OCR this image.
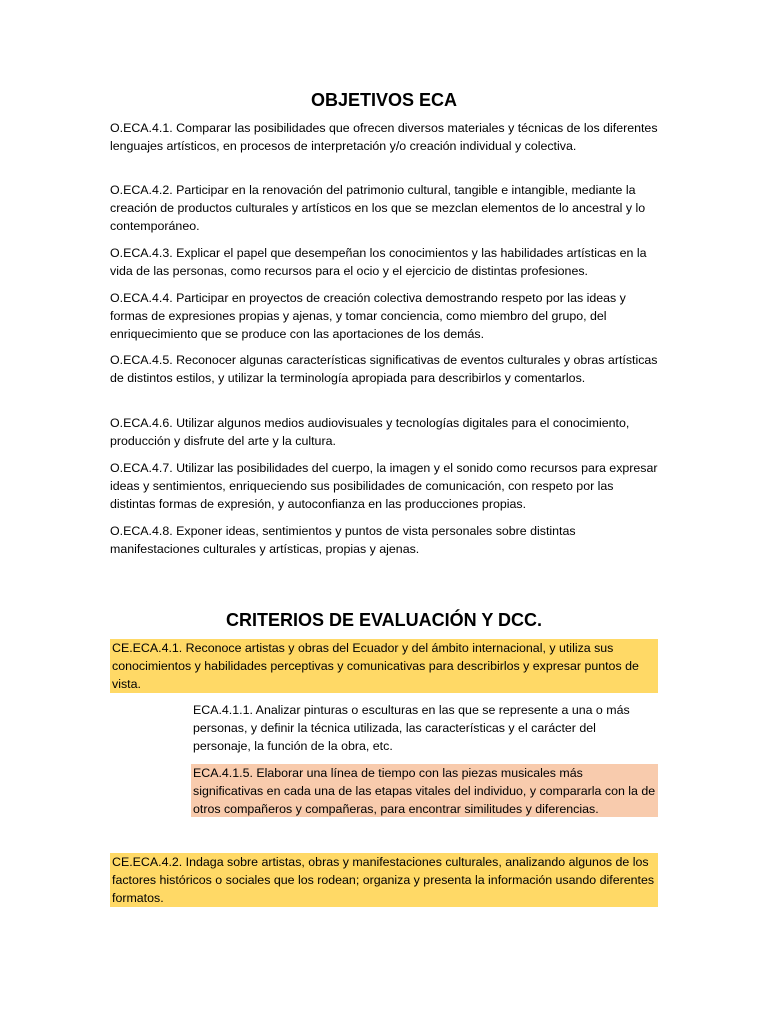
OBJETIVOS ECA

O.ECA.4.1. Comparar las posibilidades que ofrecen diversos materiales y técnicas de los diferentes lenguajes artísticos, en procesos de interpretación y/o creación individual y colectiva.

O.ECA.4.2. Participar en la renovación del patrimonio cultural, tangible e intangible, mediante la creación de productos culturales y artísticos en los que se mezclan elementos de lo ancestral y lo contemporáneo.

O.ECA.4.3. Explicar el papel que desempeñan los conocimientos y las habilidades artísticas en la vida de las personas, como recursos para el ocio y el ejercicio de distintas profesiones.

O.ECA.4.4. Participar en proyectos de creación colectiva demostrando respeto por las ideas y formas de expresiones propias y ajenas, y tomar conciencia, como miembro del grupo, del enriquecimiento que se produce con las aportaciones de los demás.

O.ECA.4.5. Reconocer algunas características significativas de eventos culturales y obras artísticas de distintos estilos, y utilizar la terminología apropiada para describirlos y comentarlos.

O.ECA.4.6. Utilizar algunos medios audiovisuales y tecnologías digitales para el conocimiento, producción y disfrute del arte y la cultura.

O.ECA.4.7. Utilizar las posibilidades del cuerpo, la imagen y el sonido como recursos para expresar ideas y sentimientos, enriqueciendo sus posibilidades de comunicación, con respeto por las distintas formas de expresión, y autoconfianza en las producciones propias.

O.ECA.4.8. Exponer ideas, sentimientos y puntos de vista personales sobre distintas manifestaciones culturales y artísticas, propias y ajenas.

CRITERIOS DE EVALUACIÓN Y DCC.

CE.ECA.4.1. Reconoce artistas y obras del Ecuador y del ámbito internacional, y utiliza sus conocimientos y habilidades perceptivas y comunicativas para describirlos y expresar puntos de vista.

ECA.4.1.1. Analizar pinturas o esculturas en las que se represente a una o más personas, y definir la técnica utilizada, las características y el carácter del personaje, la función de la obra, etc.

ECA.4.1.5. Elaborar una línea de tiempo con las piezas musicales más significativas en cada una de las etapas vitales del individuo, y compararla con la de otros compañeros y compañeras, para encontrar similitudes y diferencias.

CE.ECA.4.2. Indaga sobre artistas, obras y manifestaciones culturales, analizando algunos de los factores históricos o sociales que los rodean; organiza y presenta la información usando diferentes formatos.
